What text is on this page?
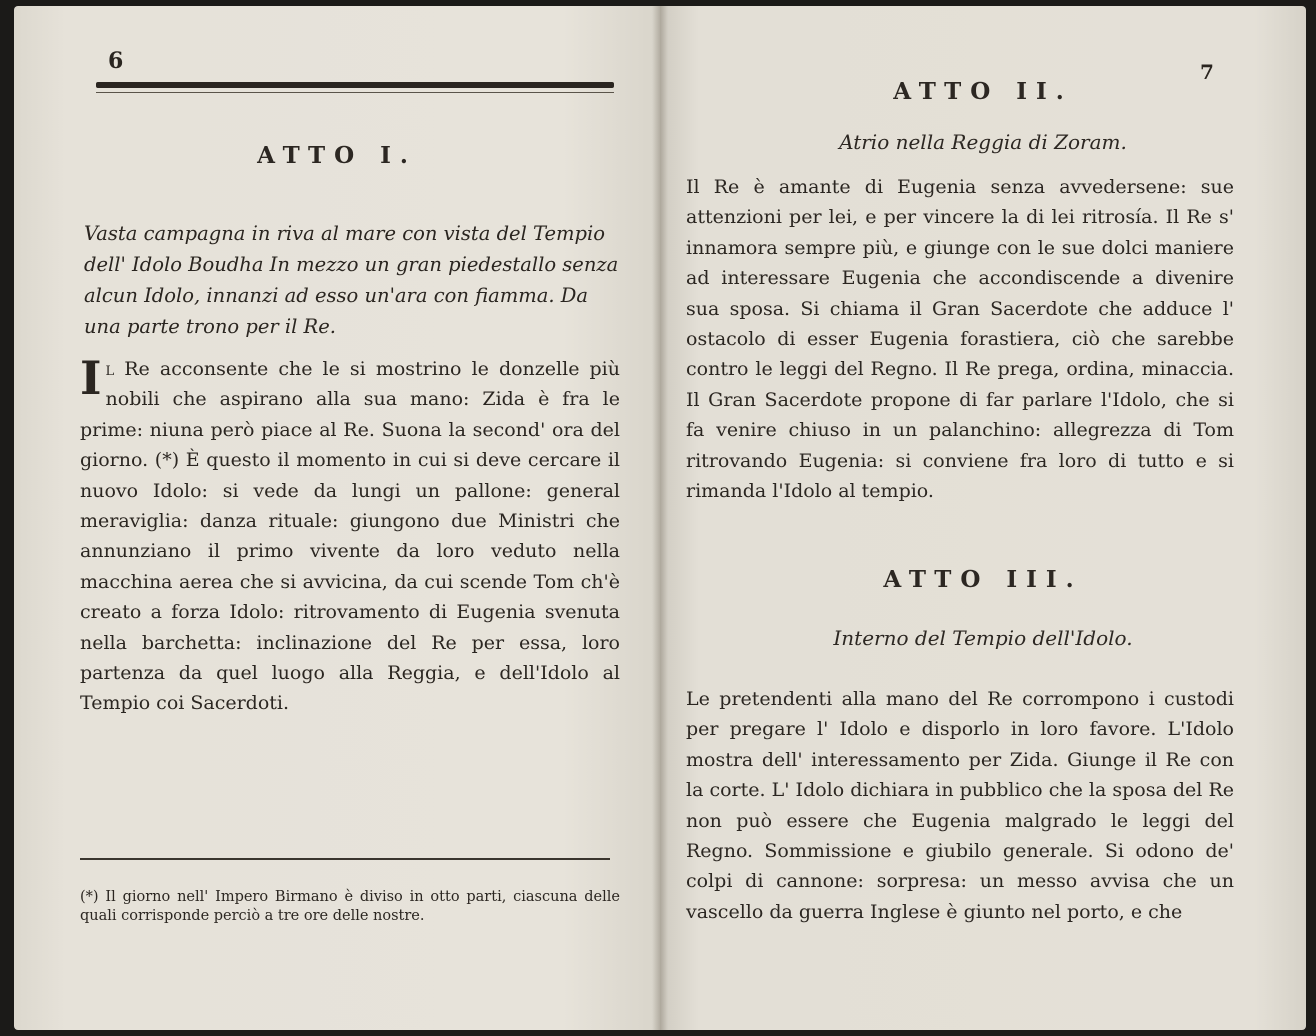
6
ATTO I.

Vasta campagna in riva al mare con vista del Tempio dell' Idolo Boudha In mezzo un gran piedestallo senza alcun Idolo, innanzi ad esso un'ara con fiamma. Da una parte trono per il Re.

Il Re acconsente che le si mostrino le donzelle più nobili che aspirano alla sua mano: Zida è fra le prime: niuna però piace al Re. Suona la second' ora del giorno. (*) È questo il momento in cui si deve cercare il nuovo Idolo: si vede da lungi un pallone: general meraviglia: danza rituale: giungono due Ministri che annunziano il primo vivente da loro veduto nella macchina aerea che si avvicina, da cui scende Tom ch'è creato a forza Idolo: ritrovamento di Eugenia svenuta nella barchetta: inclinazione del Re per essa, loro partenza da quel luogo alla Reggia, e dell'Idolo al Tempio coi Sacerdoti.

(*) Il giorno nell' Impero Birmano è diviso in otto parti, ciascuna delle quali corrisponde perciò a tre ore delle nostre.

7
ATTO II.
Atrio nella Reggia di Zoram.

Il Re è amante di Eugenia senza avvedersene: sue attenzioni per lei, e per vincere la di lei ritrosía. Il Re s' innamora sempre più, e giunge con le sue dolci maniere ad interessare Eugenia che accondiscende a divenire sua sposa. Si chiama il Gran Sacerdote che adduce l' ostacolo di esser Eugenia forastiera, ciò che sarebbe contro le leggi del Regno. Il Re prega, ordina, minaccia. Il Gran Sacerdote propone di far parlare l'Idolo, che si fa venire chiuso in un palanchino: allegrezza di Tom ritrovando Eugenia: si conviene fra loro di tutto e si rimanda l'Idolo al tempio.

ATTO III.
Interno del Tempio dell'Idolo.

Le pretendenti alla mano del Re corrompono i custodi per pregare l' Idolo e disporlo in loro favore. L'Idolo mostra dell' interessamento per Zida. Giunge il Re con la corte. L' Idolo dichiara in pubblico che la sposa del Re non può essere che Eugenia malgrado le leggi del Regno. Sommissione e giubilo generale. Si odono de' colpi di cannone: sorpresa: un messo avvisa che un vascello da guerra Inglese è giunto nel porto, e che
